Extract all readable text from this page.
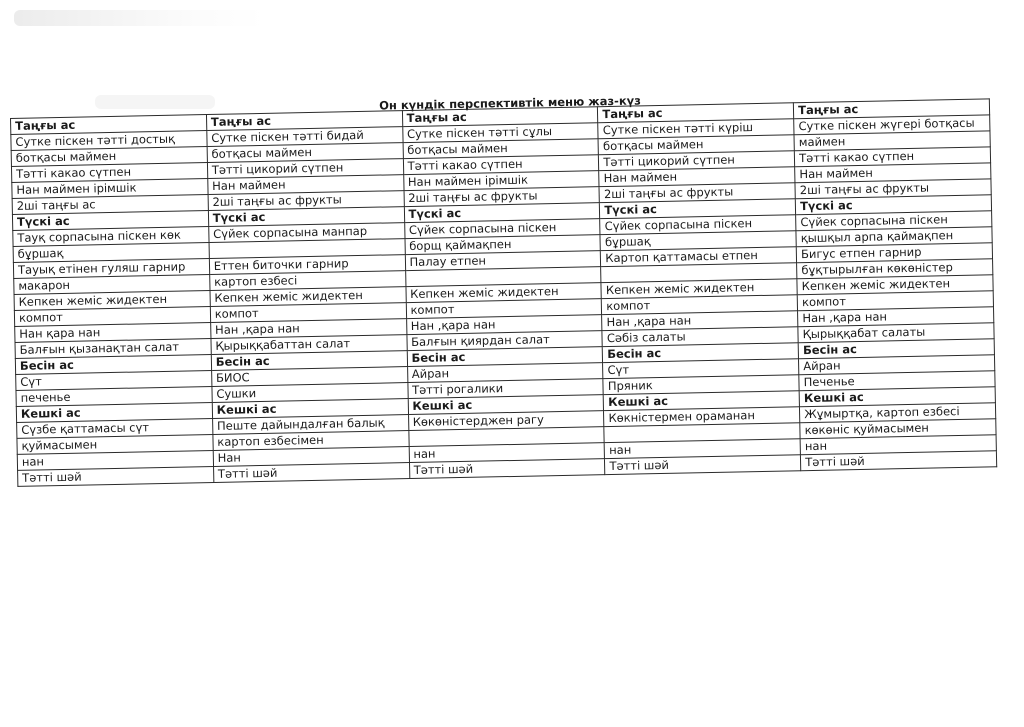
Он күндік перспективтік меню жаз-күз
Таңғы ас	Таңғы ас	Таңғы ас	Таңғы ас	Таңғы ас
Сутке піскен тәтті достық	Сутке піскен тәтті бидай	Сутке піскен тәтті сұлы	Сутке піскен тәтті күріш	Сутке піскен жүгері ботқасы
ботқасы маймен	ботқасы маймен	ботқасы маймен	ботқасы маймен	маймен
Тәтті какао сүтпен	Тәтті цикорий сүтпен	Тәтті какао сүтпен	Тәтті цикорий сүтпен	Тәтті какао сүтпен
Нан маймен ірімшік	Нан маймен	Нан маймен ірімшік	Нан маймен	Нан маймен
2ші таңғы ас	2ші таңғы ас фрукты	2ші таңғы ас фрукты	2ші таңғы ас фрукты	2ші таңғы ас фрукты
Түскі ас	Түскі ас	Түскі ас	Түскі ас	Түскі ас
Тауқ сорпасына піскен көк	Сүйек сорпасына манпар	Сүйек сорпасына піскен	Сүйек сорпасына піскен	Сүйек сорпасына піскен
бұршақ		борщ қаймақпен	бұршақ	қышқыл арпа қаймақпен
Тауық етінен гуляш гарнир	Еттен биточки гарнир	Палау етпен	Картоп қаттамасы етпен	Бигус етпен гарнир
макарон	картоп езбесі			бұқтырылған көкөністер
Кепкен жеміс жидектен	Кепкен жеміс жидектен	Кепкен жеміс жидектен	Кепкен жеміс жидектен	Кепкен жеміс жидектен
компот	компот	компот	компот	компот
Нан қара нан	Нан ,қара нан	Нан ,қара нан	Нан ,қара нан	Нан ,қара нан
Балғын қызанақтан салат	Қырыққабаттан салат	Балғын қиярдан салат	Сәбіз салаты	Қырыққабат салаты
Бесін ас	Бесін ас	Бесін ас	Бесін ас	Бесін ас
Сүт	БИОС	Айран	Сүт	Айран
печенье	Сушки	Тәтті рогалики	Пряник	Печенье
Кешкі ас	Кешкі ас	Кешкі ас	Кешкі ас	Кешкі ас
Сүзбе қаттамасы сүт	Пеште дайындалған балық	Көкөністерджен рагу	Көкністермен ораманан	Жұмыртқа, картоп езбесі
қуймасымен	картоп езбесімен			көкөніс қуймасымен
нан	Нан	нан	нан	нан
Тәтті шәй	Тәтті шәй	Тәтті шәй	Тәтті шәй	Тәтті шәй
